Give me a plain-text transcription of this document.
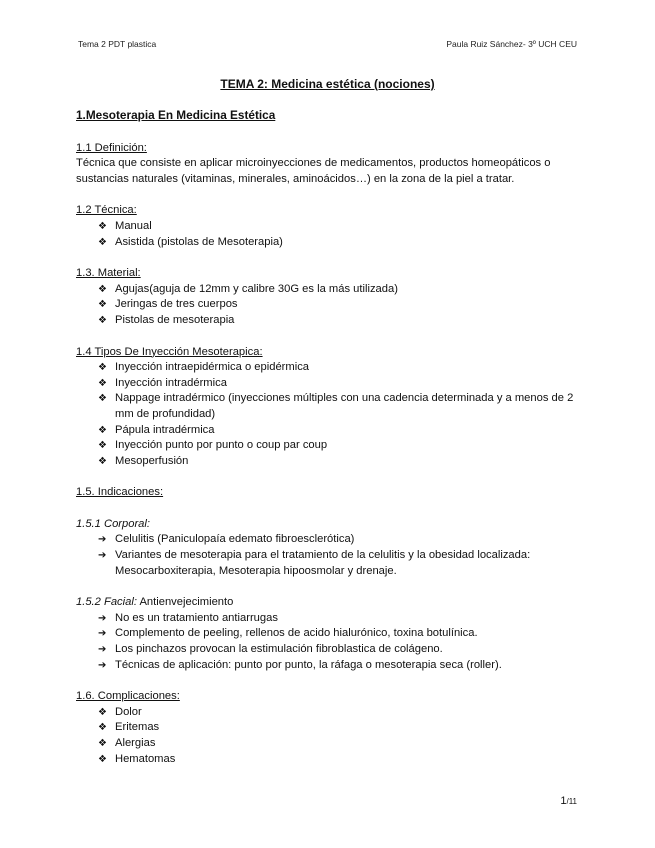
Tema 2 PDT plastica	Paula Ruiz Sánchez- 3º UCH CEU
TEMA 2: Medicina estética (nociones)
1.Mesoterapia En Medicina Estética

1.1 Definición:

Técnica que consiste en aplicar microinyecciones de medicamentos, productos homeopáticos o sustancias naturales (vitaminas, minerales, aminoácidos…) en la zona de la piel a tratar.

1.2 Técnica:

❖ Manual
❖ Asistida (pistolas de Mesoterapia)

1.3. Material:

❖ Agujas(aguja de 12mm y calibre 30G es la más utilizada)
❖ Jeringas de tres cuerpos
❖ Pistolas de mesoterapia

1.4 Tipos De Inyección Mesoterapica:

❖ Inyección intraepidérmica o epidérmica
❖ Inyección intradérmica
❖ Nappage intradérmico (inyecciones múltiples con una cadencia determinada y a menos de 2 mm de profundidad)
❖ Pápula intradérmica
❖ Inyección punto por punto o coup par coup
❖ Mesoperfusión

1.5. Indicaciones:

1.5.1 Corporal:

➔ Celulitis (Paniculopaía edemato fibroesclerótica)
➔ Variantes de mesoterapia para el tratamiento de la celulitis y la obesidad localizada: Mesocarboxiterapia, Mesoterapia hipoosmolar y drenaje.

1.5.2 Facial: Antienvejecimiento

➔ No es un tratamiento antiarrugas
➔ Complemento de peeling, rellenos de acido hialurónico, toxina botulínica.
➔ Los pinchazos provocan la estimulación fibroblastica de colágeno.
➔ Técnicas de aplicación: punto por punto, la ráfaga o mesoterapia seca (roller).

1.6. Complicaciones:

❖ Dolor
❖ Eritemas
❖ Alergias
❖ Hematomas
1/11
